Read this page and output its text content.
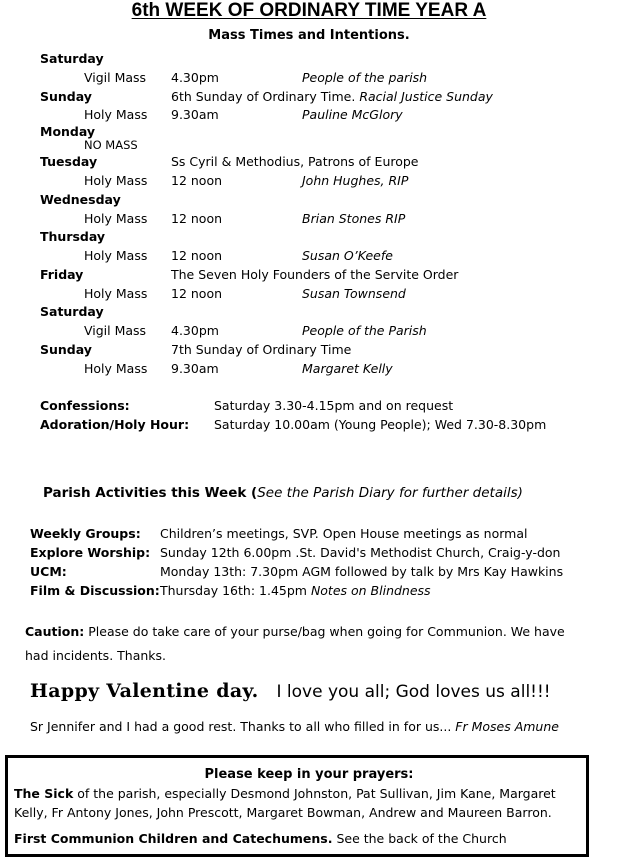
6th WEEK OF ORDINARY TIME YEAR A
Mass Times and Intentions.
Saturday
Vigil Mass 4.30pm	People of the parish
Sunday	6th Sunday of Ordinary Time. Racial Justice Sunday
Holy Mass 9.30am	Pauline McGlory
Monday
NO MASS
Tuesday	Ss Cyril & Methodius, Patrons of Europe
Holy Mass 12 noon	John Hughes, RIP
Wednesday
Holy Mass 12 noon	Brian Stones RIP
Thursday
Holy Mass 12 noon	Susan O’Keefe
Friday	The Seven Holy Founders of the Servite Order
Holy Mass 12 noon	Susan Townsend
Saturday
Vigil Mass 4.30pm	People of the Parish
Sunday	7th Sunday of Ordinary Time
Holy Mass 9.30am	Margaret Kelly
Confessions:	Saturday 3.30-4.15pm and on request
Adoration/Holy Hour: Saturday 10.00am (Young People); Wed 7.30-8.30pm
Parish Activities this Week (See the Parish Diary for further details)
Weekly Groups: Children’s meetings, SVP. Open House meetings as normal
Explore Worship: Sunday 12th 6.00pm .St. David's Methodist Church, Craig-y-don
UCM:	Monday 13th: 7.30pm AGM followed by talk by Mrs Kay Hawkins
Film & Discussion: Thursday 16th: 1.45pm Notes on Blindness
Caution: Please do take care of your purse/bag when going for Communion. We have
had incidents. Thanks.
Happy Valentine day. I love you all; God loves us all!!!
Sr Jennifer and I had a good rest. Thanks to all who filled in for us... Fr Moses Amune
Please keep in your prayers:
The Sick of the parish, especially Desmond Johnston, Pat Sullivan, Jim Kane, Margaret
Kelly, Fr Antony Jones, John Prescott, Margaret Bowman, Andrew and Maureen Barron.
First Communion Children and Catechumens. See the back of the Church
